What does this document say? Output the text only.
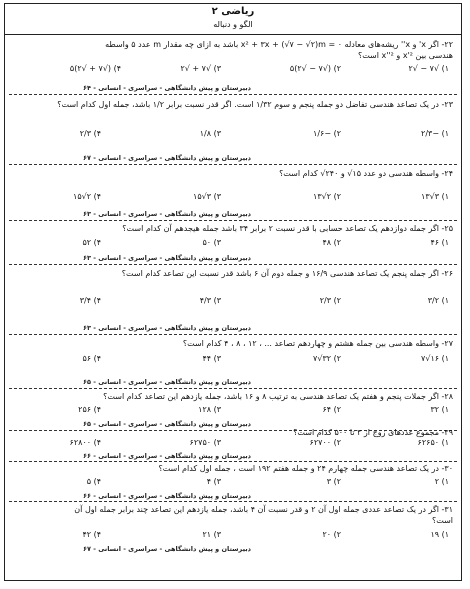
ریاضی ۲
الگو و دنباله
۲۲- اگر x' و x'' ریشه‌های معادله x² + ۳x + (√۷ − √۲)m = ۰ باشد به ازای چه مقدار m عدد ۵ واسطه
هندسی بین x'² و x''² است؟
۱) √۷ − √۲
۲) (√۷ − √۲)۵
۳) √۷ + √۲
۴) (√۷ + √۲)۵
دبیرستان و پیش دانشگاهی - سراسری - انسانی - ۶۴
۲۳- در یک تصاعد هندسی تفاضل دو جمله پنجم و سوم ۱/۳۲ است. اگر قدر نسبت برابر ۱/۲ باشد، جمله اول کدام است؟
۱) −۲/۳
۲) −۱/۶
۳) ۱/۸
۴) ۲/۳
دبیرستان و پیش دانشگاهی - سراسری - انسانی - ۶۷
۲۴- واسطه هندسی دو عدد ۱۵√ و ۲۴۰√ کدام است؟
۱) ۳√۱۳
۲) ۲√۱۳
۳) ۳√۱۵
۴) ۲√۱۵
دبیرستان و پیش دانشگاهی - سراسری - انسانی - ۶۳
۲۵- اگر جمله دوازدهم یک تصاعد حسابی با قدر نسبت ۲ برابر ۳۴ باشد جمله هیجدهم آن کدام است؟
۱) ۴۶
۲) ۴۸
۳) ۵۰
۴) ۵۲
دبیرستان و پیش دانشگاهی - سراسری - انسانی - ۶۳
۲۶- اگر جمله پنجم یک تصاعد هندسی ۱۶/۹ و جمله دوم آن ۶ باشد قدر نسبت این تصاعد کدام است؟
۱) ۳/۲
۲) ۲/۳
۳) ۴/۳
۴) ۳/۴
دبیرستان و پیش دانشگاهی - سراسری - انسانی - ۶۳
۲۷- واسطه هندسی بین جمله هشتم و چهاردهم تصاعد ... ، ۱۲ ، ۸ ، ۴ کدام است؟
۱) ۱۶√۷
۲) ۳۲√۷
۳) ۴۴
۴) ۵۶
دبیرستان و پیش دانشگاهی - سراسری - انسانی - ۶۵
۲۸- اگر جملات پنجم و هفتم یک تصاعد هندسی به ترتیب ۸ و ۱۶ باشد، جمله یازدهم این تصاعد کدام است؟
۱) ۳۲
۲) ۶۴
۳) ۱۲۸
۴) ۲۵۶
دبیرستان و پیش دانشگاهی - سراسری - انسانی - ۶۵
۲۹- مجموع عددهای زوج از ۲ تا ۵۰۰ کدام است؟
۱) ۶۲۶۵۰
۲) ۶۲۷۰۰
۳) ۶۲۷۵۰
۴) ۶۲۸۰۰
دبیرستان و پیش دانشگاهی - سراسری - انسانی - ۶۶
۳۰- در یک تصاعد هندسی جمله چهارم ۲۴ و جمله هفتم ۱۹۲ است ، جمله اول کدام است؟
۱) ۲
۲) ۳
۳) ۴
۴) ۵
دبیرستان و پیش دانشگاهی - سراسری - انسانی - ۶۶
۳۱- اگر در یک تصاعد عددی جمله اول آن ۲ و قدر نسبت آن ۴ باشد، جمله یازدهم این تصاعد چند برابر جمله اول آن
است؟
۱) ۱۹
۲) ۲۰
۳) ۲۱
۴) ۴۲
دبیرستان و پیش دانشگاهی - سراسری - انسانی - ۶۷
